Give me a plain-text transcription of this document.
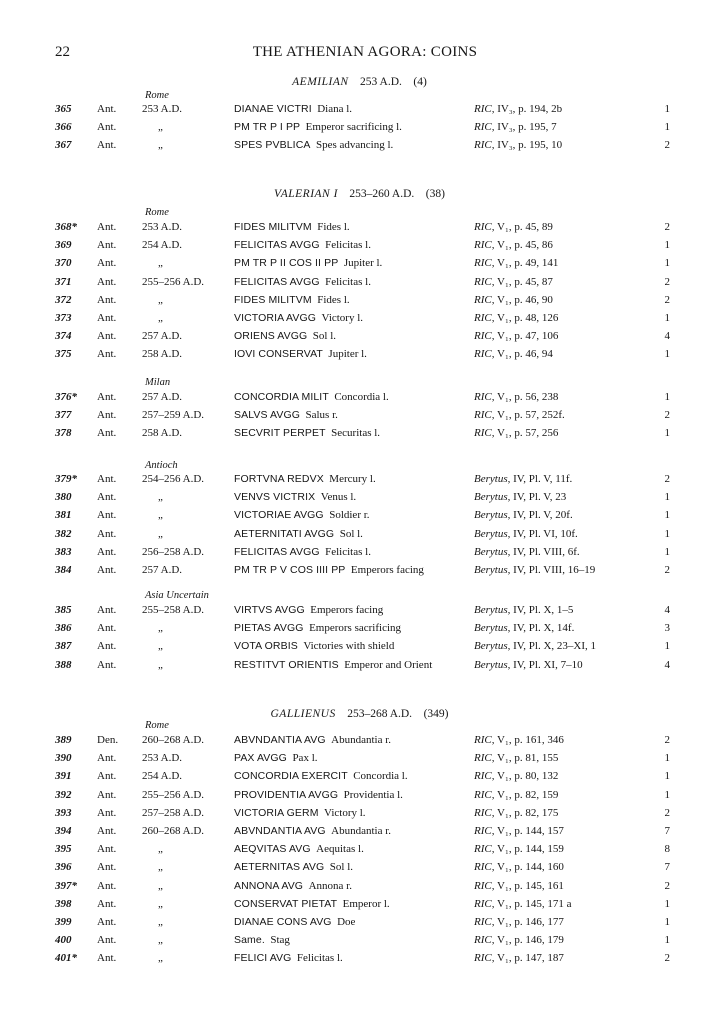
22	THE ATHENIAN AGORA: COINS
AEMILIAN  253 A.D.  (4)
VALERIAN I  253–260 A.D.  (38)
GALLIENUS  253–268 A.D.  (349)
Rome
Rome
Milan
Antioch
Asia Uncertain
Rome
365 Ant. 253 A.D.	DIANAE VICTRI  Diana l.	RIC, IV₃, p. 194, 2b	1
366 Ant.	„	PM TR P I PP  Emperor sacrificing l.	RIC, IV₃, p. 195, 7	1
367 Ant.	„	SPES PVBLICA  Spes advancing l.	RIC, IV₃, p. 195, 10	2
368* Ant. 253 A.D.	FIDES MILITVM  Fides l.	RIC, V₁, p. 45, 89	2
369 Ant. 254 A.D.	FELICITAS AVGG  Felicitas l.	RIC, V₁, p. 45, 86	1
370 Ant.	„	PM TR P II COS II PP  Jupiter l.	RIC, V₁, p. 49, 141	1
371 Ant. 255–256 A.D.	FELICITAS AVGG  Felicitas l.	RIC, V₁, p. 45, 87	2
372 Ant.	„	FIDES MILITVM  Fides l.	RIC, V₁, p. 46, 90	2
373 Ant.	„	VICTORIA AVGG  Victory l.	RIC, V₁, p. 48, 126	1
374 Ant. 257 A.D.	ORIENS AVGG  Sol l.	RIC, V₁, p. 47, 106	4
375 Ant. 258 A.D.	IOVI CONSERVAT  Jupiter l.	RIC, V₁, p. 46, 94	1
376* Ant. 257 A.D.	CONCORDIA MILIT  Concordia l.	RIC, V₁, p. 56, 238	1
377 Ant. 257–259 A.D.	SALVS AVGG  Salus r.	RIC, V₁, p. 57, 252f.	2
378 Ant. 258 A.D.	SECVRIT PERPET  Securitas l.	RIC, V₁, p. 57, 256	1
379* Ant. 254–256 A.D.	FORTVNA REDVX  Mercury l.	Berytus, IV, Pl. V, 11f.	2
380 Ant.	„	VENVS VICTRIX  Venus l.	Berytus, IV, Pl. V, 23	1
381 Ant.	„	VICTORIAE AVGG  Soldier r.	Berytus, IV, Pl. V, 20f.	1
382 Ant.	„	AETERNITATI AVGG  Sol l.	Berytus, IV, Pl. VI, 10f.	1
383 Ant. 256–258 A.D.	FELICITAS AVGG  Felicitas l.	Berytus, IV, Pl. VIII, 6f.	1
384 Ant. 257 A.D.	PM TR P V COS IIII PP  Emperors facing	Berytus, IV, Pl. VIII, 16–19	2
385 Ant. 255–258 A.D.	VIRTVS AVGG  Emperors facing	Berytus, IV, Pl. X, 1–5	4
386 Ant.	„	PIETAS AVGG  Emperors sacrificing	Berytus, IV, Pl. X, 14f.	3
387 Ant.	„	VOTA ORBIS  Victories with shield	Berytus, IV, Pl. X, 23–XI, 1	1
388 Ant.	„	RESTITVT ORIENTIS  Emperor and Orient	Berytus, IV, Pl. XI, 7–10	4
389 Den. 260–268 A.D.	ABVNDANTIA AVG  Abundantia r.	RIC, V₁, p. 161, 346	2
390 Ant. 253 A.D.	PAX AVGG  Pax l.	RIC, V₁, p. 81, 155	1
391 Ant. 254 A.D.	CONCORDIA EXERCIT  Concordia l.	RIC, V₁, p. 80, 132	1
392 Ant. 255–256 A.D.	PROVIDENTIA AVGG  Providentia l.	RIC, V₁, p. 82, 159	1
393 Ant. 257–258 A.D.	VICTORIA GERM  Victory l.	RIC, V₁, p. 82, 175	2
394 Ant. 260–268 A.D.	ABVNDANTIA AVG  Abundantia r.	RIC, V₁, p. 144, 157	7
395 Ant.	„	AEQVITAS AVG  Aequitas l.	RIC, V₁, p. 144, 159	8
396 Ant.	„	AETERNITAS AVG  Sol l.	RIC, V₁, p. 144, 160	7
397* Ant.	„	ANNONA AVG  Annona r.	RIC, V₁, p. 145, 161	2
398 Ant.	„	CONSERVAT PIETAT  Emperor l.	RIC, V₁, p. 145, 171 a	1
399 Ant.	„	DIANAE CONS AVG  Doe	RIC, V₁, p. 146, 177	1
400 Ant.	„	Same.  Stag	RIC, V₁, p. 146, 179	1
401* Ant.	„	FELICI AVG  Felicitas l.	RIC, V₁, p. 147, 187	2
